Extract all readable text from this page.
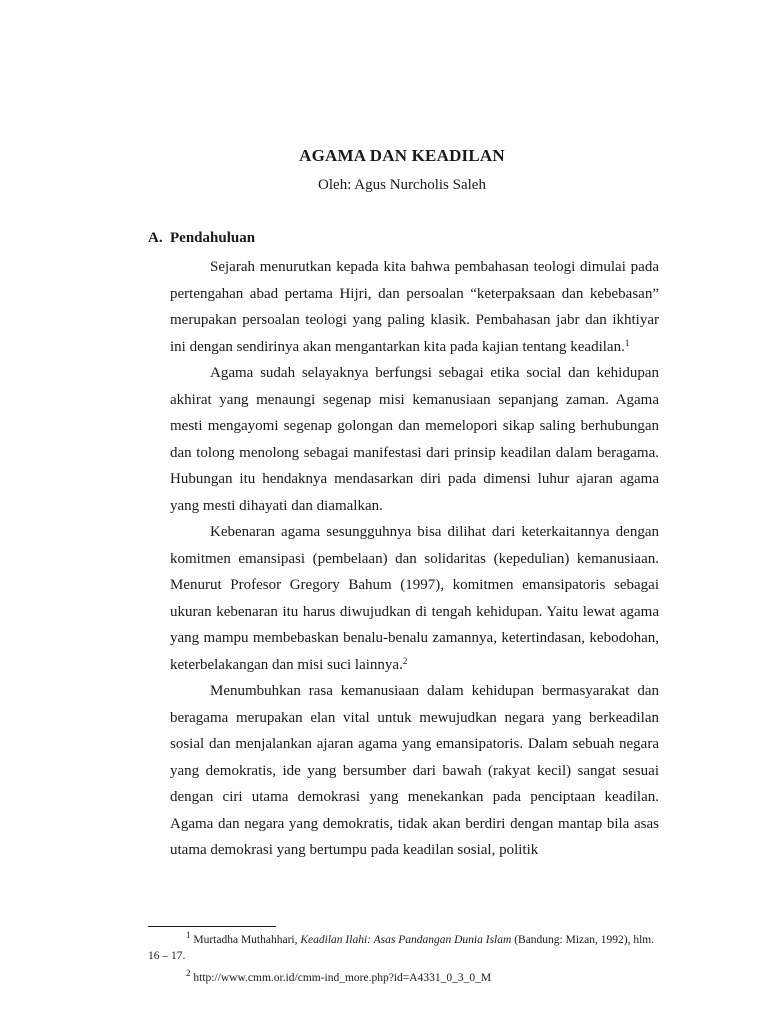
AGAMA DAN KEADILAN
Oleh: Agus Nurcholis Saleh
A. Pendahuluan

Sejarah menurutkan kepada kita bahwa pembahasan teologi dimulai pada pertengahan abad pertama Hijri, dan persoalan “keterpaksaan dan kebebasan” merupakan persoalan teologi yang paling klasik. Pembahasan jabr dan ikhtiyar ini dengan sendirinya akan mengantarkan kita pada kajian tentang keadilan.$^1$

Agama sudah selayaknya berfungsi sebagai etika social dan kehidupan akhirat yang menaungi segenap misi kemanusiaan sepanjang zaman. Agama mesti mengayomi segenap golongan dan memelopori sikap saling berhubungan dan tolong menolong sebagai manifestasi dari prinsip keadilan dalam beragama. Hubungan itu hendaknya mendasarkan diri pada dimensi luhur ajaran agama yang mesti dihayati dan diamalkan.

Kebenaran agama sesungguhnya bisa dilihat dari keterkaitannya dengan komitmen emansipasi (pembelaan) dan solidaritas (kepedulian) kemanusiaan. Menurut Profesor Gregory Bahum (1997), komitmen emansipatoris sebagai ukuran kebenaran itu harus diwujudkan di tengah kehidupan. Yaitu lewat agama yang mampu membebaskan benalu-benalu zamannya, ketertindasan, kebodohan, keterbelakangan dan misi suci lainnya.$^2$

Menumbuhkan rasa kemanusiaan dalam kehidupan bermasyarakat dan beragama merupakan elan vital untuk mewujudkan negara yang berkeadilan sosial dan menjalankan ajaran agama yang emansipatoris. Dalam sebuah negara yang demokratis, ide yang bersumber dari bawah (rakyat kecil) sangat sesuai dengan ciri utama demokrasi yang menekankan pada penciptaan keadilan. Agama dan negara yang demokratis, tidak akan berdiri dengan mantap bila asas utama demokrasi yang bertumpu pada keadilan sosial, politik

$^1$ Murtadha Muthahhari, Keadilan Ilahi: Asas Pandangan Dunia Islam (Bandung: Mizan, 1992), hlm. 16 – 17.

$^2$ http://www.cmm.or.id/cmm-ind_more.php?id=A4331_0_3_0_M
